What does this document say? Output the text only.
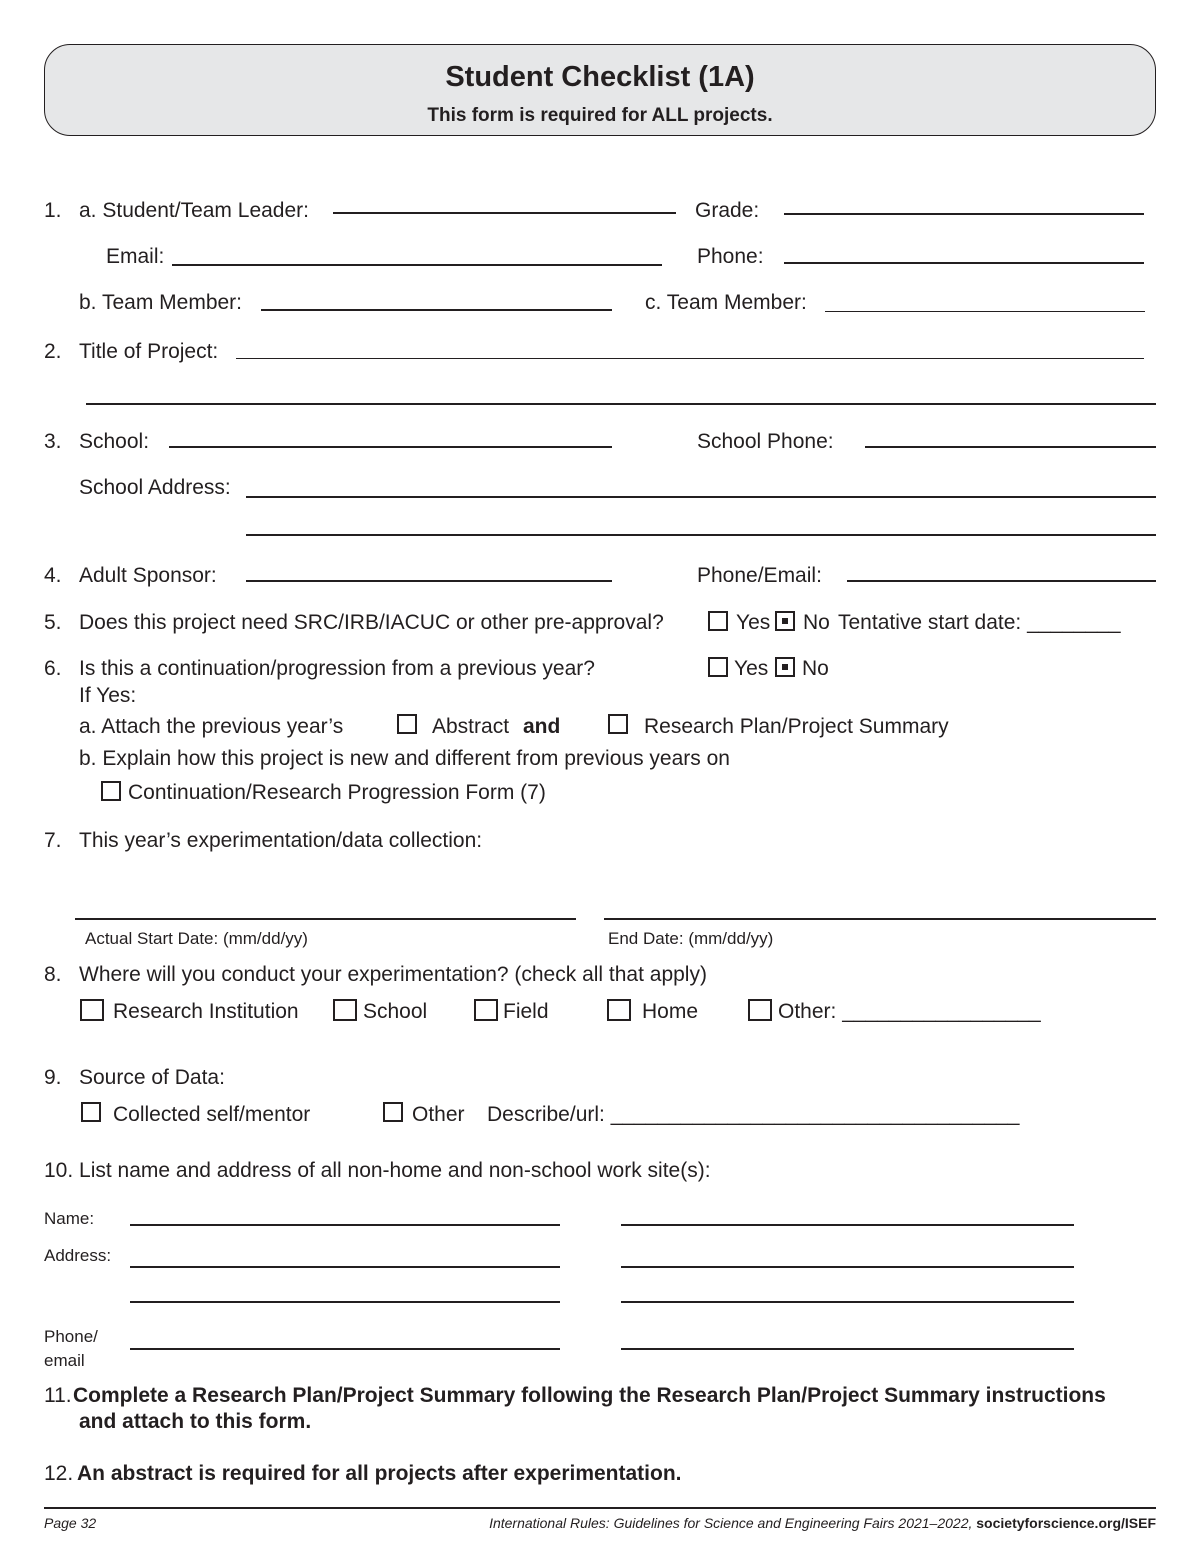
Student Checklist (1A)
This form is required for ALL projects.
1. a. Student/Team Leader:	Grade:
Email:	Phone:
b. Team Member:	c. Team Member:
2. Title of Project:
3. School:	School Phone:
School Address:
4. Adult Sponsor:	Phone/Email:
5. Does this project need SRC/IRB/IACUC or other pre-approval?	Yes No Tentative start date: ________
6. Is this a continuation/progression from a previous year?	Yes No
If Yes:
a. Attach the previous year’s	Abstract and	Research Plan/Project Summary
b. Explain how this project is new and different from previous years on
Continuation/Research Progression Form (7)
7. This year’s experimentation/data collection:
Actual Start Date: (mm/dd/yy)	End Date: (mm/dd/yy)
8. Where will you conduct your experimentation? (check all that apply)
Research Institution	School	Field	Home	Other: _________________
9. Source of Data:
Collected self/mentor	Other Describe/url: ___________________________________
10. List name and address of all non-home and non-school work site(s):
Name:
Address:
Phone/
email
11. Complete a Research Plan/Project Summary following the Research Plan/Project Summary instructions
and attach to this form.
12. An abstract is required for all projects after experimentation.
Page 32	International Rules: Guidelines for Science and Engineering Fairs 2021–2022, societyforscience.org/ISEF
